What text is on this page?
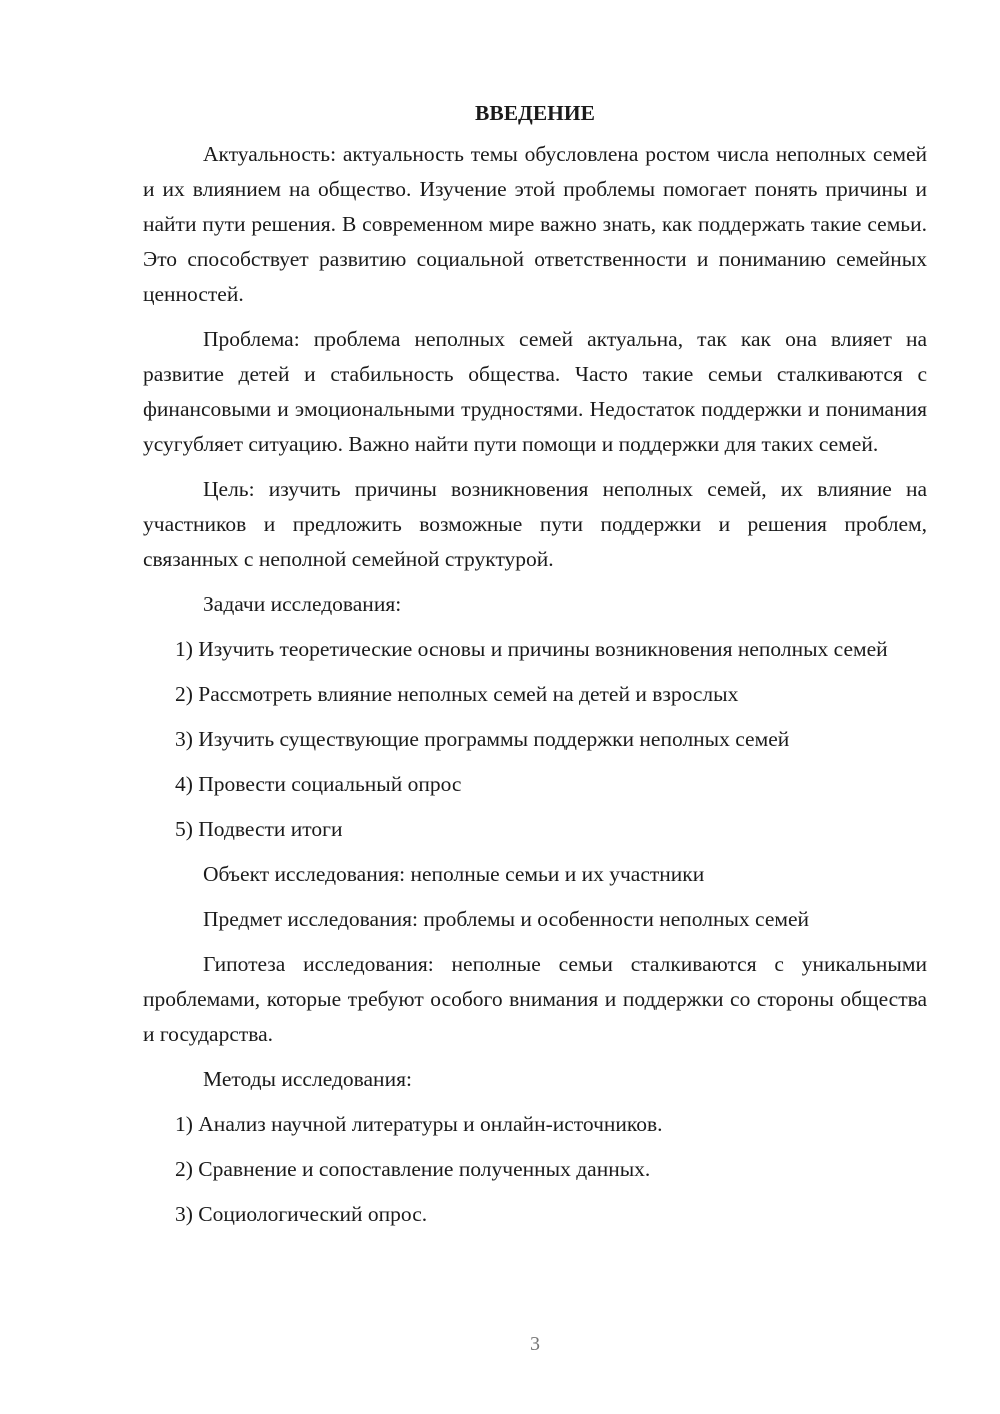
ВВЕДЕНИЕ

Актуальность: актуальность темы обусловлена ростом числа неполных семей и их влиянием на общество. Изучение этой проблемы помогает понять причины и найти пути решения. В современном мире важно знать, как поддержать такие семьи. Это способствует развитию социальной ответственности и пониманию семейных ценностей.

Проблема: проблема неполных семей актуальна, так как она влияет на развитие детей и стабильность общества. Часто такие семьи сталкиваются с финансовыми и эмоциональными трудностями. Недостаток поддержки и понимания усугубляет ситуацию. Важно найти пути помощи и поддержки для таких семей.

Цель: изучить причины возникновения неполных семей, их влияние на участников и предложить возможные пути поддержки и решения проблем, связанных с неполной семейной структурой.

Задачи исследования:

1) Изучить теоретические основы и причины возникновения неполных семей

2) Рассмотреть влияние неполных семей на детей и взрослых

3) Изучить существующие программы поддержки неполных семей

4) Провести социальный опрос

5) Подвести итоги

Объект исследования: неполные семьи и их участники

Предмет исследования: проблемы и особенности неполных семей

Гипотеза исследования: неполные семьи сталкиваются с уникальными проблемами, которые требуют особого внимания и поддержки со стороны общества и государства.

Методы исследования:

1) Анализ научной литературы и онлайн-источников.

2) Сравнение и сопоставление полученных данных.

3) Социологический опрос.

3
